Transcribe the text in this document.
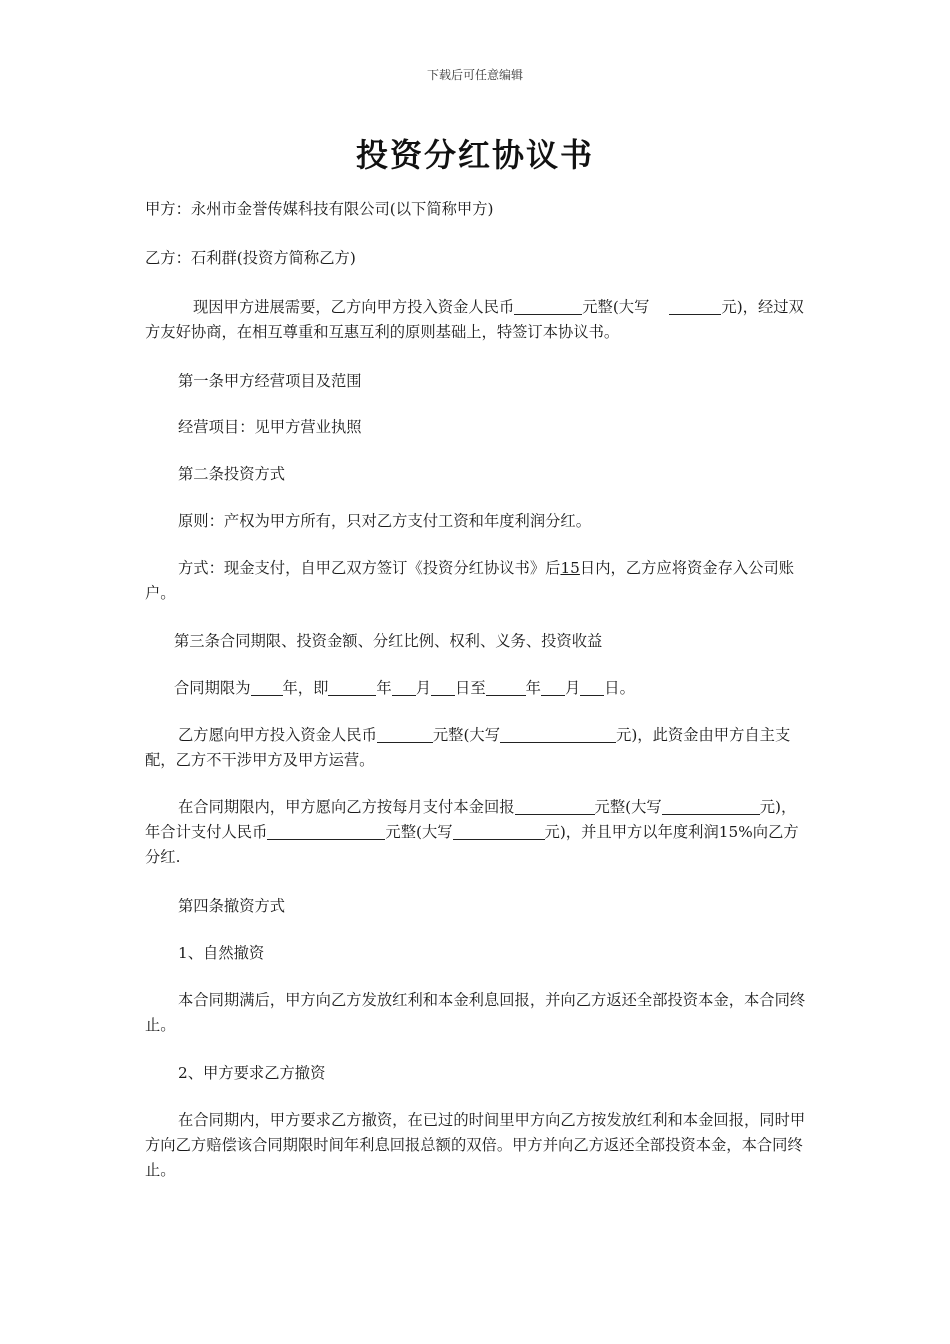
下载后可任意编辑
投资分红协议书

甲方：永州市金誉传媒科技有限公司(以下简称甲方)

乙方：石利群(投资方简称乙方)

现因甲方进展需要，乙方向甲方投入资金人民币	元整(大写	元)，经过双方友好协商，在相互尊重和互惠互利的原则基础上，特签订本协议书。

第一条甲方经营项目及范围

经营项目：见甲方营业执照

第二条投资方式

原则：产权为甲方所有，只对乙方支付工资和年度利润分红。

方式：现金支付，自甲乙双方签订《投资分红协议书》后15日内，乙方应将资金存入公司账户。

第三条合同期限、投资金额、分红比例、权利、义务、投资收益

合同期限为 年，即	年 月 日至	年 月 日。

乙方愿向甲方投入资金人民币	元整(大写	元)，此资金由甲方自主支配，乙方不干涉甲方及甲方运营。

在合同期限内，甲方愿向乙方按每月支付本金回报	元整(大写	元)，年合计支付人民币	元整(大写	元)，并且甲方以年度利润15%向乙方分红.

第四条撤资方式

1、自然撤资

本合同期满后，甲方向乙方发放红利和本金利息回报，并向乙方返还全部投资本金，本合同终止。

2、甲方要求乙方撤资

在合同期内，甲方要求乙方撤资，在已过的时间里甲方向乙方按发放红利和本金回报，同时甲方向乙方赔偿该合同期限时间年利息回报总额的双倍。甲方并向乙方返还全部投资本金，本合同终止。
